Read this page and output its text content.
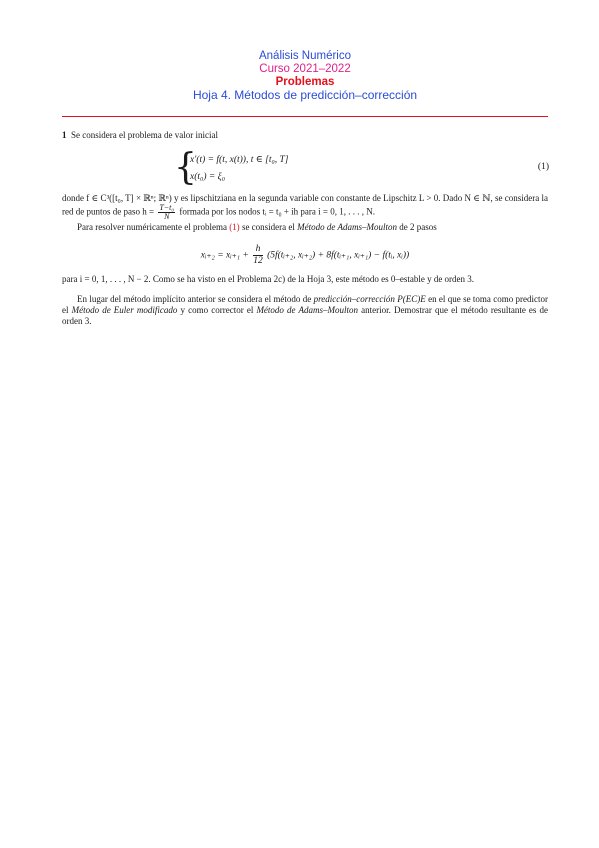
Análisis Numérico
Curso 2021–2022
Problemas
Hoja 4. Métodos de predicción–corrección
1 Se considera el problema de valor inicial
{
x′(t) = f(t, x(t)), t ∈ [t₀, T]
x(t₀) = ξ₀
(1)
donde f ∈ C³([t₀, T] × ℝⁿ; ℝⁿ) y es lipschitziana en la segunda variable con constante de Lipschitz L > 0. Dado N ∈ ℕ, se considera la red de puntos de paso $h = \frac{\text{T−t₀}}{N}$ formada por los nodos tᵢ = t₀ + ih para i = 0, 1, . . . , N.
Para resolver numéricamente el problema (1) se considera el Método de Adams–Moulton de 2 pasos
xᵢ₊₂ = xᵢ₊₁ + $\frac{h}{12}$ (5f(tᵢ₊₂, xᵢ₊₂) + 8f(tᵢ₊₁, xᵢ₊₁) − f(tᵢ, xᵢ))
para i = 0, 1, . . . , N − 2. Como se ha visto en el Problema 2c) de la Hoja 3, este método es 0–estable y de orden 3.
En lugar del método implícito anterior se considera el método de predicción–corrección P(EC)E en el que se toma como predictor el Método de Euler modificado y como corrector el Método de Adams–Moulton anterior. Demostrar que el método resultante es de orden 3.
